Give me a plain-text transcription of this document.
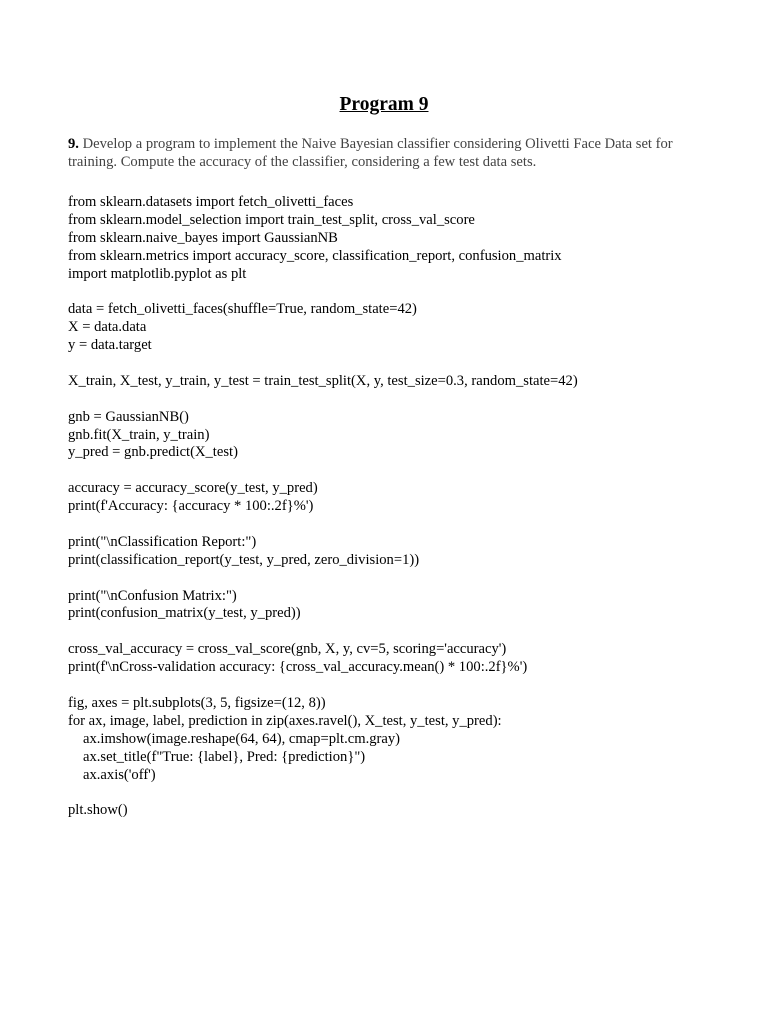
Program 9
9. Develop a program to implement the Naive Bayesian classifier considering Olivetti Face Data set for training. Compute the accuracy of the classifier, considering a few test data sets.
from sklearn.datasets import fetch_olivetti_faces
from sklearn.model_selection import train_test_split, cross_val_score
from sklearn.naive_bayes import GaussianNB
from sklearn.metrics import accuracy_score, classification_report, confusion_matrix
import matplotlib.pyplot as plt
data = fetch_olivetti_faces(shuffle=True, random_state=42)
X = data.data
y = data.target
X_train, X_test, y_train, y_test = train_test_split(X, y, test_size=0.3, random_state=42)
gnb = GaussianNB()
gnb.fit(X_train, y_train)
y_pred = gnb.predict(X_test)
accuracy = accuracy_score(y_test, y_pred)
print(f'Accuracy: {accuracy * 100:.2f}%')
print("\nClassification Report:")
print(classification_report(y_test, y_pred, zero_division=1))
print("\nConfusion Matrix:")
print(confusion_matrix(y_test, y_pred))
cross_val_accuracy = cross_val_score(gnb, X, y, cv=5, scoring='accuracy')
print(f'\nCross-validation accuracy: {cross_val_accuracy.mean() * 100:.2f}%')
fig, axes = plt.subplots(3, 5, figsize=(12, 8))
for ax, image, label, prediction in zip(axes.ravel(), X_test, y_test, y_pred):
ax.imshow(image.reshape(64, 64), cmap=plt.cm.gray)
ax.set_title(f"True: {label}, Pred: {prediction}")
ax.axis('off')
plt.show()
